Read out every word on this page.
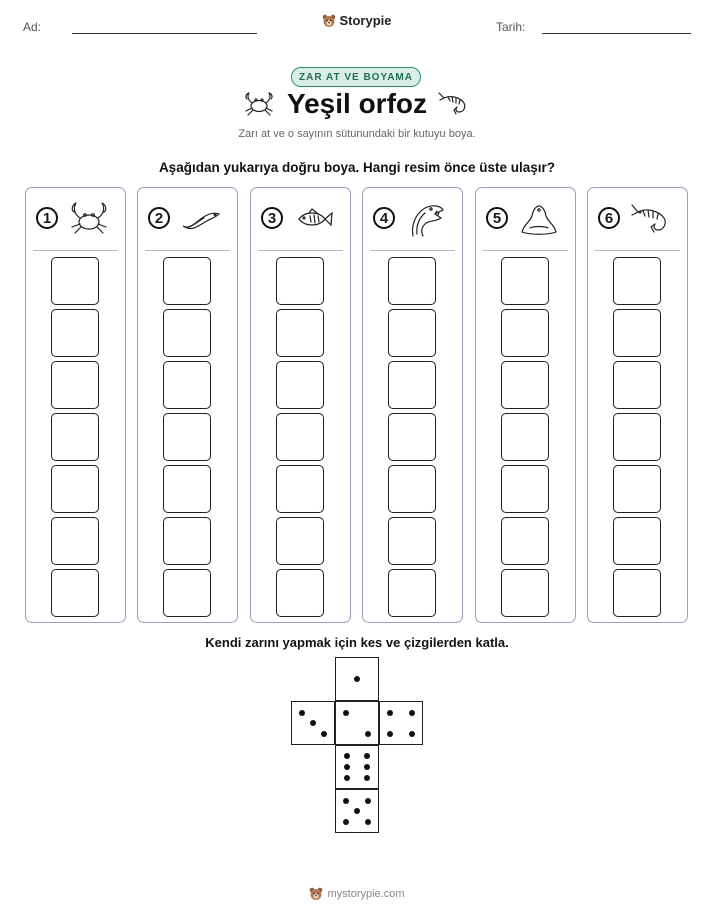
Ad:	Storypie	Tarih:
ZAR AT VE BOYAMA
Yeşil orfoz
Zarı at ve o sayının sütunundaki bir kutuyu boya.
Aşağıdan yukarıya doğru boya. Hangi resim önce üste ulaşır?
1	2	3	4	5	6
Kendi zarını yapmak için kes ve çizgilerden katla.
mystorypie.com
